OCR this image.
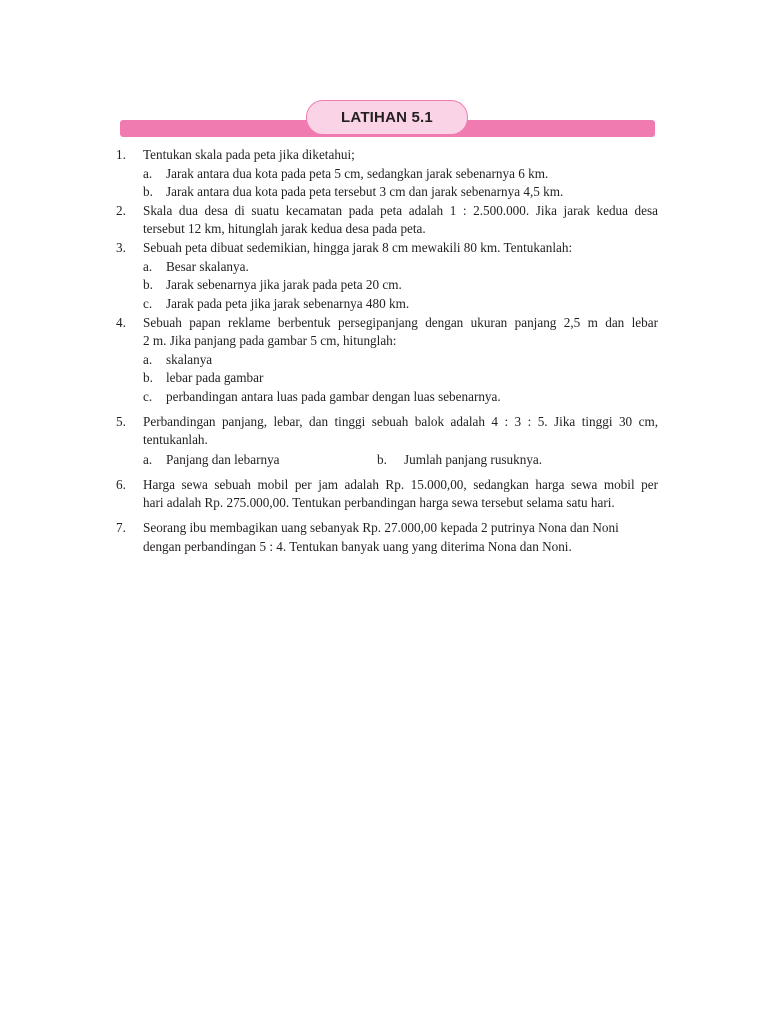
LATIHAN 5.1
1. Tentukan skala pada peta jika diketahui;
a. Jarak antara dua kota pada peta 5 cm, sedangkan jarak sebenarnya 6 km.
b. Jarak antara dua kota pada peta tersebut 3 cm dan jarak sebenarnya 4,5 km.
2. Skala dua desa di suatu kecamatan pada peta adalah 1 : 2.500.000. Jika jarak kedua desa
tersebut 12 km, hitunglah jarak kedua desa pada peta.
3. Sebuah peta dibuat sedemikian, hingga jarak 8 cm mewakili 80 km. Tentukanlah:
a. Besar skalanya.
b. Jarak sebenarnya jika jarak pada peta 20 cm.
c. Jarak pada peta jika jarak sebenarnya 480 km.
4. Sebuah papan reklame berbentuk persegipanjang dengan ukuran panjang 2,5 m dan lebar
2 m. Jika panjang pada gambar 5 cm, hitunglah:
a. skalanya
b. lebar pada gambar
c. perbandingan antara luas pada gambar dengan luas sebenarnya.
5. Perbandingan panjang, lebar, dan tinggi sebuah balok adalah 4 : 3 : 5. Jika tinggi 30 cm,
tentukanlah.
a. Panjang dan lebarnya	b. Jumlah panjang rusuknya.
6. Harga sewa sebuah mobil per jam adalah Rp. 15.000,00, sedangkan harga sewa mobil per
hari adalah Rp. 275.000,00. Tentukan perbandingan harga sewa tersebut selama satu hari.
7. Seorang ibu membagikan uang sebanyak Rp. 27.000,00 kepada 2 putrinya Nona dan Noni
dengan perbandingan 5 : 4. Tentukan banyak uang yang diterima Nona dan Noni.
